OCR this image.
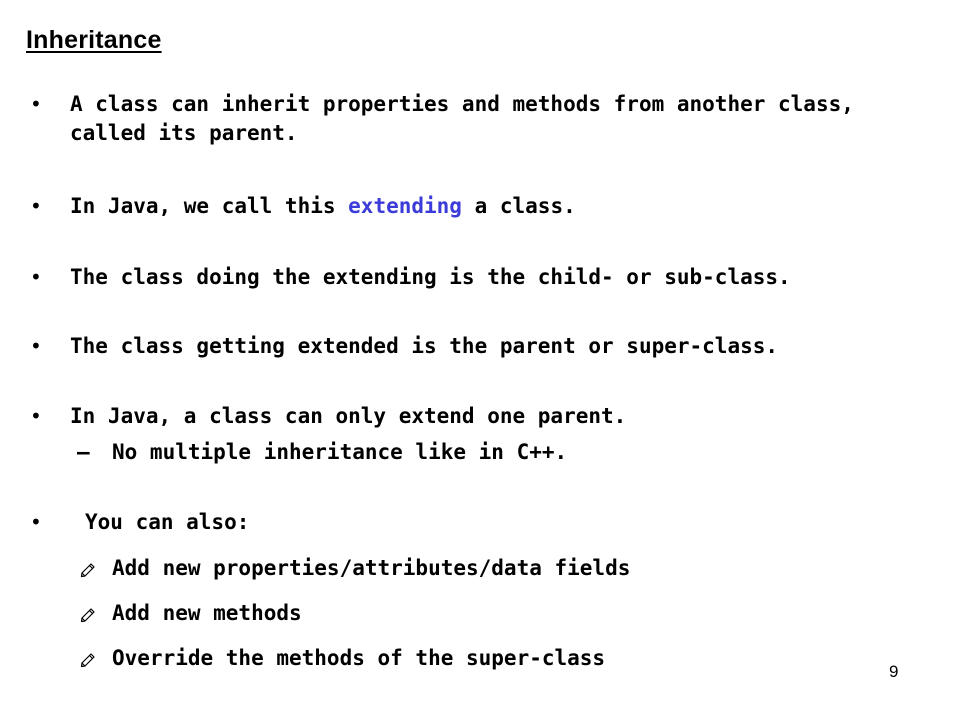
Inheritance
• A class can inherit properties and methods from another class, called its parent.
• In Java, we call this extending a class.
• The class doing the extending is the child- or sub-class.
• The class getting extended is the parent or super-class.
• In Java, a class can only extend one parent.
– No multiple inheritance like in C++.
• You can also:
Add new properties/attributes/data fields
Add new methods
Override the methods of the super-class
9
